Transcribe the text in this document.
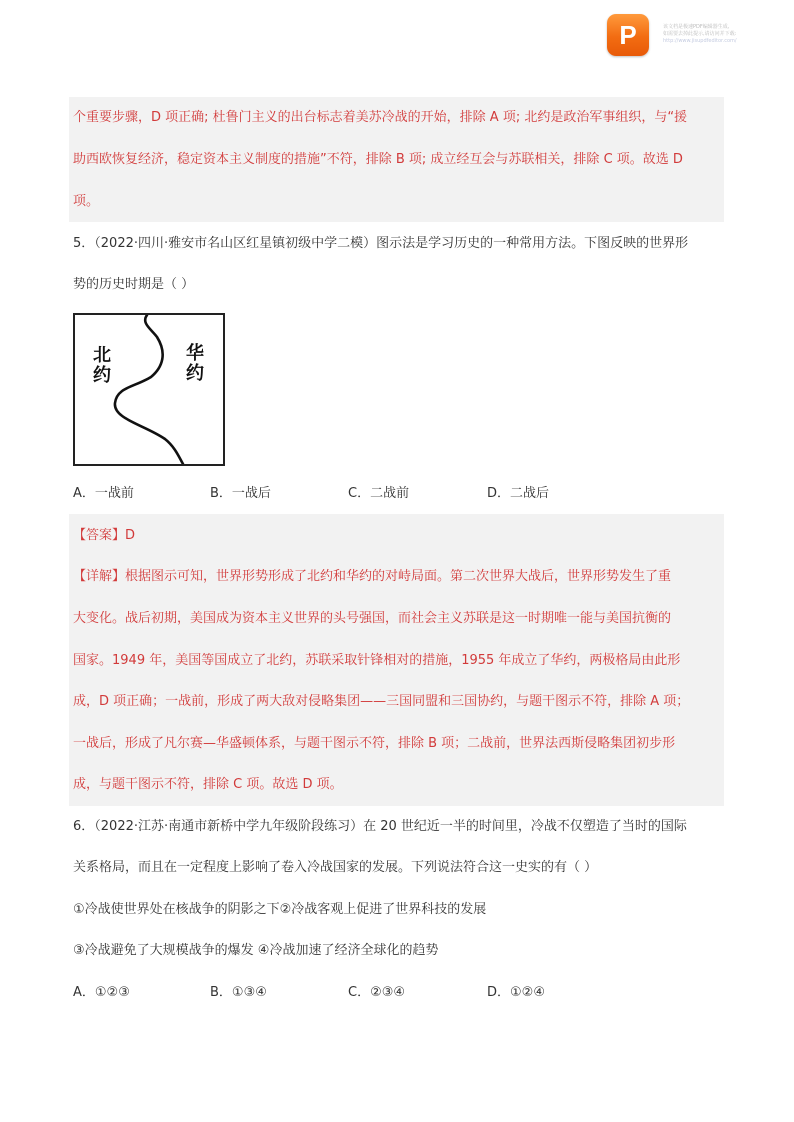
P	该文档是极速PDF编辑器生成,
如需要去掉此提示,请访问并下载:
http://www.jisupdfeditor.com/
个重要步骤，D 项正确; 杜鲁门主义的出台标志着美苏冷战的开始，排除 A 项; 北约是政治军事组织，与“援
助西欧恢复经济，稳定资本主义制度的措施”不符，排除 B 项; 成立经互会与苏联相关，排除 C 项。故选 D
项。
5．（2022·四川·雅安市名山区红星镇初级中学二模）图示法是学习历史的一种常用方法。下图反映的世界形
势的历史时期是（ ）
北约
华约
A．一战前	B．一战后	C．二战前	D．二战后
【答案】D
【详解】根据图示可知，世界形势形成了北约和华约的对峙局面。第二次世界大战后，世界形势发生了重
大变化。战后初期，美国成为资本主义世界的头号强国，而社会主义苏联是这一时期唯一能与美国抗衡的
国家。1949 年，美国等国成立了北约，苏联采取针锋相对的措施，1955 年成立了华约，两极格局由此形
成，D 项正确；一战前，形成了两大敌对侵略集团——三国同盟和三国协约，与题干图示不符，排除 A 项；
一战后，形成了凡尔赛—华盛顿体系，与题干图示不符，排除 B 项；二战前，世界法西斯侵略集团初步形
成，与题干图示不符，排除 C 项。故选 D 项。
6．（2022·江苏·南通市新桥中学九年级阶段练习）在 20 世纪近一半的时间里，冷战不仅塑造了当时的国际
关系格局，而且在一定程度上影响了卷入冷战国家的发展。下列说法符合这一史实的有（ ）
①冷战使世界处在核战争的阴影之下②冷战客观上促进了世界科技的发展
③冷战避免了大规模战争的爆发 ④冷战加速了经济全球化的趋势
A．①②③	B．①③④	C．②③④	D．①②④
